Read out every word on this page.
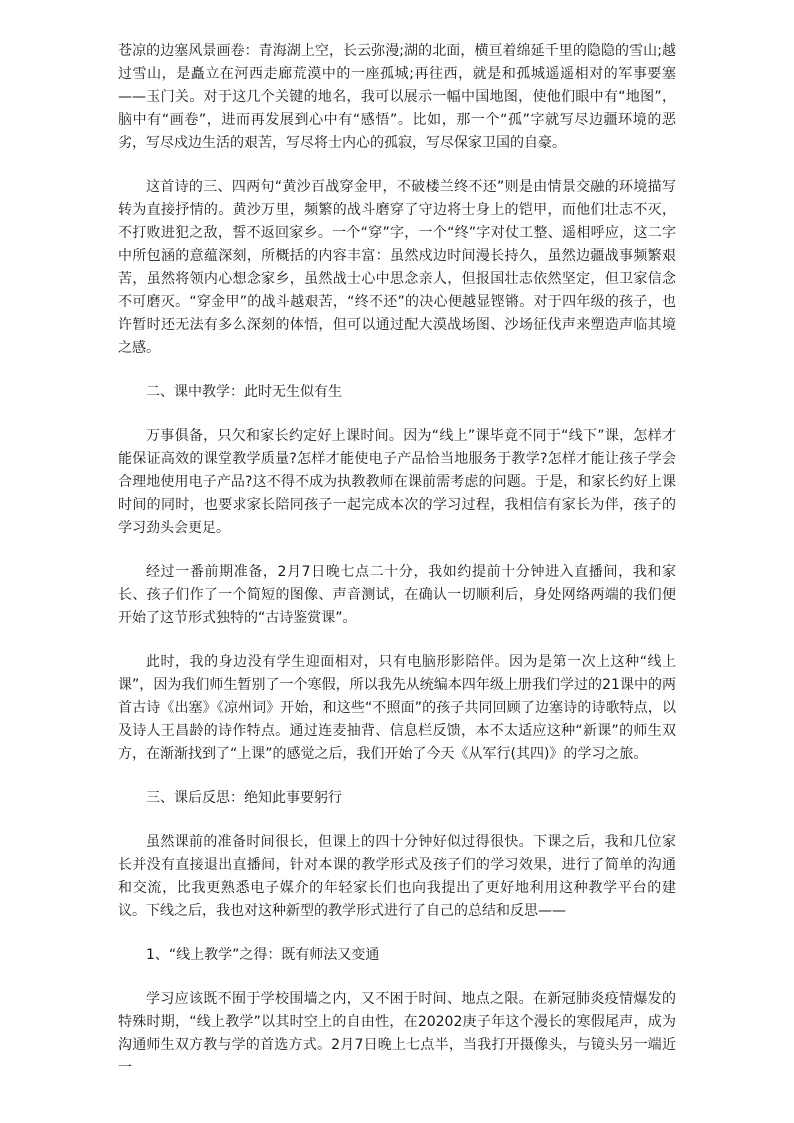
苍凉的边塞风景画卷：青海湖上空，长云弥漫;湖的北面，横亘着绵延千里的隐隐的雪山;越过雪山，是矗立在河西走廊荒漠中的一座孤城;再往西，就是和孤城遥遥相对的军事要塞——玉门关。对于这几个关键的地名，我可以展示一幅中国地图，使他们眼中有“地图”，脑中有“画卷”，进而再发展到心中有“感悟”。比如，那一个“孤”字就写尽边疆环境的恶劣，写尽戍边生活的艰苦，写尽将士内心的孤寂，写尽保家卫国的自豪。

这首诗的三、四两句“黄沙百战穿金甲，不破楼兰终不还”则是由情景交融的环境描写转为直接抒情的。黄沙万里，频繁的战斗磨穿了守边将士身上的铠甲，而他们壮志不灭，不打败进犯之敌，誓不返回家乡。一个“穿”字，一个“终”字对仗工整、遥相呼应，这二字中所包涵的意蕴深刻，所概括的内容丰富：虽然戍边时间漫长持久，虽然边疆战事频繁艰苦，虽然将领内心想念家乡，虽然战士心中思念亲人，但报国壮志依然坚定，但卫家信念不可磨灭。“穿金甲”的战斗越艰苦，“终不还”的决心便越显铿锵。对于四年级的孩子，也许暂时还无法有多么深刻的体悟，但可以通过配大漠战场图、沙场征伐声来塑造声临其境之感。

二、课中教学：此时无生似有生

万事俱备，只欠和家长约定好上课时间。因为“线上”课毕竟不同于“线下”课，怎样才能保证高效的课堂教学质量?怎样才能使电子产品恰当地服务于教学?怎样才能让孩子学会合理地使用电子产品?这不得不成为执教教师在课前需考虑的问题。于是，和家长约好上课时间的同时，也要求家长陪同孩子一起完成本次的学习过程，我相信有家长为伴，孩子的学习劲头会更足。

经过一番前期准备，2月7日晚七点二十分，我如约提前十分钟进入直播间，我和家长、孩子们作了一个简短的图像、声音测试，在确认一切顺利后，身处网络两端的我们便开始了这节形式独特的“古诗鉴赏课”。

此时，我的身边没有学生迎面相对，只有电脑形影陪伴。因为是第一次上这种“线上课”，因为我们师生暂别了一个寒假，所以我先从统编本四年级上册我们学过的21课中的两首古诗《出塞》《凉州词》开始，和这些“不照面”的孩子共同回顾了边塞诗的诗歌特点，以及诗人王昌龄的诗作特点。通过连麦抽背、信息栏反馈，本不太适应这种“新课”的师生双方，在渐渐找到了“上课”的感觉之后，我们开始了今天《从军行(其四)》的学习之旅。

三、课后反思：绝知此事要躬行

虽然课前的准备时间很长，但课上的四十分钟好似过得很快。下课之后，我和几位家长并没有直接退出直播间，针对本课的教学形式及孩子们的学习效果，进行了简单的沟通和交流，比我更熟悉电子媒介的年轻家长们也向我提出了更好地利用这种教学平台的建议。下线之后，我也对这种新型的教学形式进行了自己的总结和反思——

1、“线上教学”之得：既有师法又变通

学习应该既不囿于学校围墙之内，又不困于时间、地点之限。在新冠肺炎疫情爆发的特殊时期，“线上教学”以其时空上的自由性，在20202庚子年这个漫长的寒假尾声，成为沟通师生双方教与学的首选方式。2月7日晚上七点半，当我打开摄像头，与镜头另一端近一
